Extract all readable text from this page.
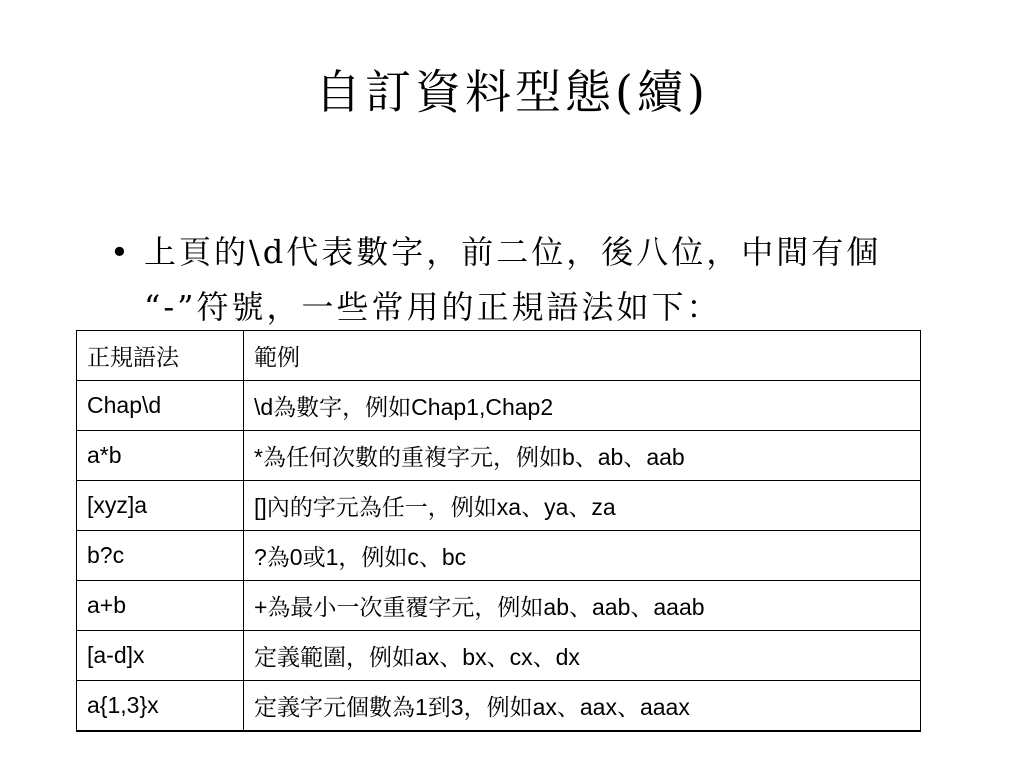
自訂資料型態(續)
• 上頁的\d代表數字，前二位，後八位，中間有個 “-”符號，一些常用的正規語法如下：
正規語法	範例
Chap\d	\d為數字，例如Chap1,Chap2
a*b	*為任何次數的重複字元，例如b、ab、aab
[xyz]a	[]內的字元為任一，例如xa、ya、za
b?c	?為0或1，例如c、bc
a+b	+為最小一次重覆字元，例如ab、aab、aaab
[a-d]x	定義範圍，例如ax、bx、cx、dx
a{1,3}x	定義字元個數為1到3，例如ax、aax、aaax
